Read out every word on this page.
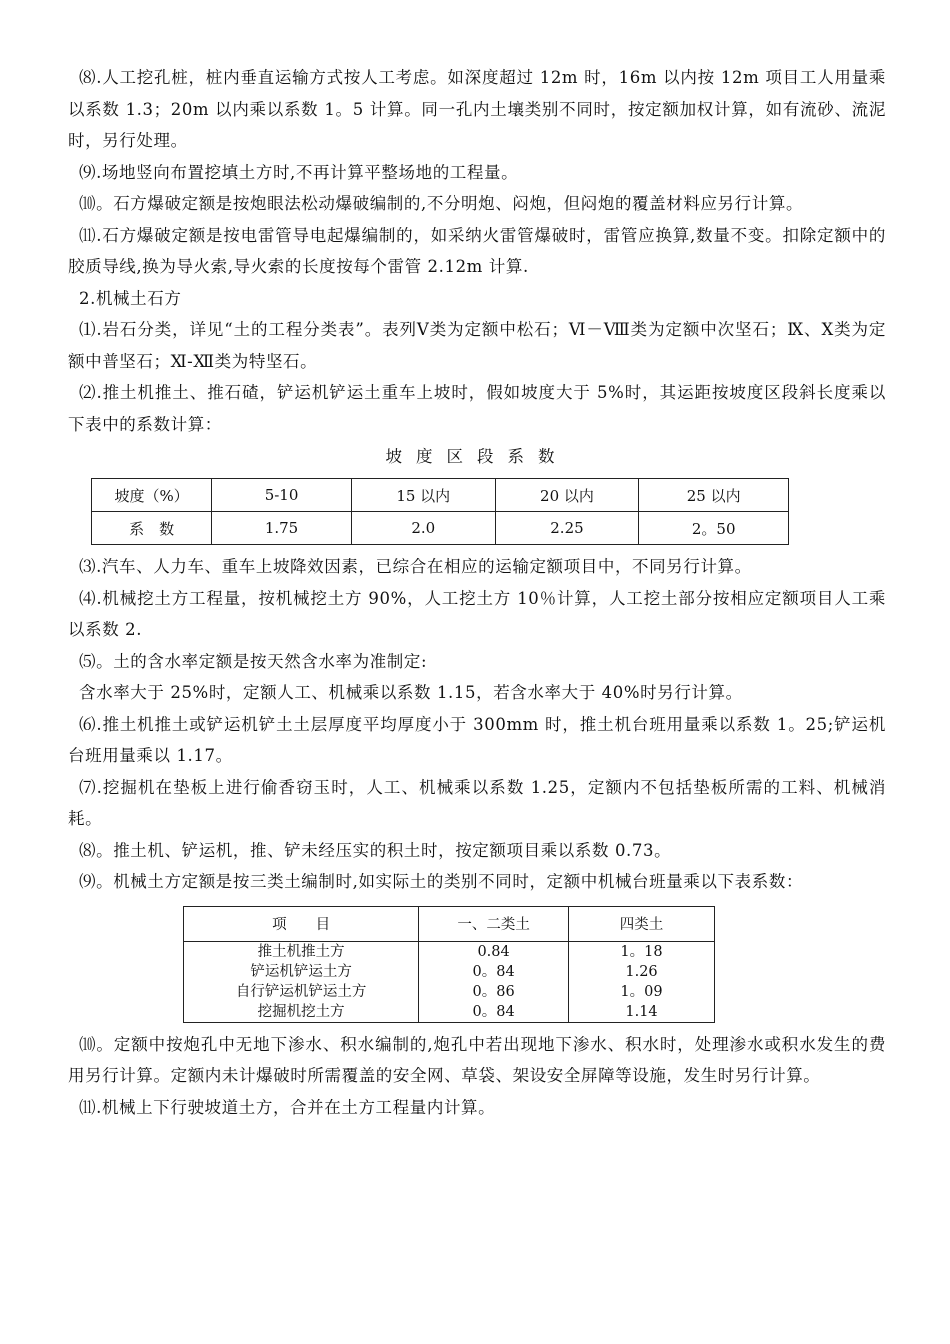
⑻.人工挖孔桩，桩内垂直运输方式按人工考虑。如深度超过 12m 时，16m 以内按 12m 项目工人用量乘以系数 1.3；20m 以内乘以系数 1。5 计算。同一孔内土壤类别不同时，按定额加权计算，如有流砂、流泥时，另行处理。

⑼.场地竖向布置挖填土方时,不再计算平整场地的工程量。

⑽。石方爆破定额是按炮眼法松动爆破编制的,不分明炮、闷炮，但闷炮的覆盖材料应另行计算。

⑾.石方爆破定额是按电雷管导电起爆编制的，如采纳火雷管爆破时，雷管应换算,数量不变。扣除定额中的胶质导线,换为导火索,导火索的长度按每个雷管 2.12m 计算.

2.机械土石方

⑴.岩石分类，详见“土的工程分类表”。表列Ⅴ类为定额中松石；Ⅵ－Ⅷ类为定额中次坚石；Ⅸ、Ⅹ类为定额中普坚石；Ⅺ-Ⅻ类为特坚石。

⑵.推土机推土、推石碴，铲运机铲运土重车上坡时，假如坡度大于 5%时，其运距按坡度区段斜长度乘以下表中的系数计算：

坡度区段系数
坡度（%）	5-10	15 以内	20 以内	25 以内
系　数	1.75	2.0	2.25	2。50

⑶.汽车、人力车、重车上坡降效因素，已综合在相应的运输定额项目中，不同另行计算。

⑷.机械挖土方工程量，按机械挖土方 90%，人工挖土方 10％计算，人工挖土部分按相应定额项目人工乘以系数 2.

⑸。土的含水率定额是按天然含水率为准制定:

含水率大于 25%时，定额人工、机械乘以系数 1.15，若含水率大于 40%时另行计算。

⑹.推土机推土或铲运机铲土土层厚度平均厚度小于 300mm 时，推土机台班用量乘以系数 1。25;铲运机台班用量乘以 1.17。

⑺.挖掘机在垫板上进行偷香窃玉时，人工、机械乘以系数 1.25，定额内不包括垫板所需的工料、机械消耗。

⑻。推土机、铲运机，推、铲未经压实的积土时，按定额项目乘以系数 0.73。

⑼。机械土方定额是按三类土编制时,如实际土的类别不同时，定额中机械台班量乘以下表系数：

项　　目	一、二类土	四类土
推土机推土方	0.84	1。18
铲运机铲运土方	0。84	1.26
自行铲运机铲运土方	0。86	1。09
挖掘机挖土方	0。84	1.14

⑽。定额中按炮孔中无地下渗水、积水编制的,炮孔中若出现地下渗水、积水时，处理渗水或积水发生的费用另行计算。定额内未计爆破时所需覆盖的安全网、草袋、架设安全屏障等设施，发生时另行计算。

⑾.机械上下行驶坡道土方，合并在土方工程量内计算。
